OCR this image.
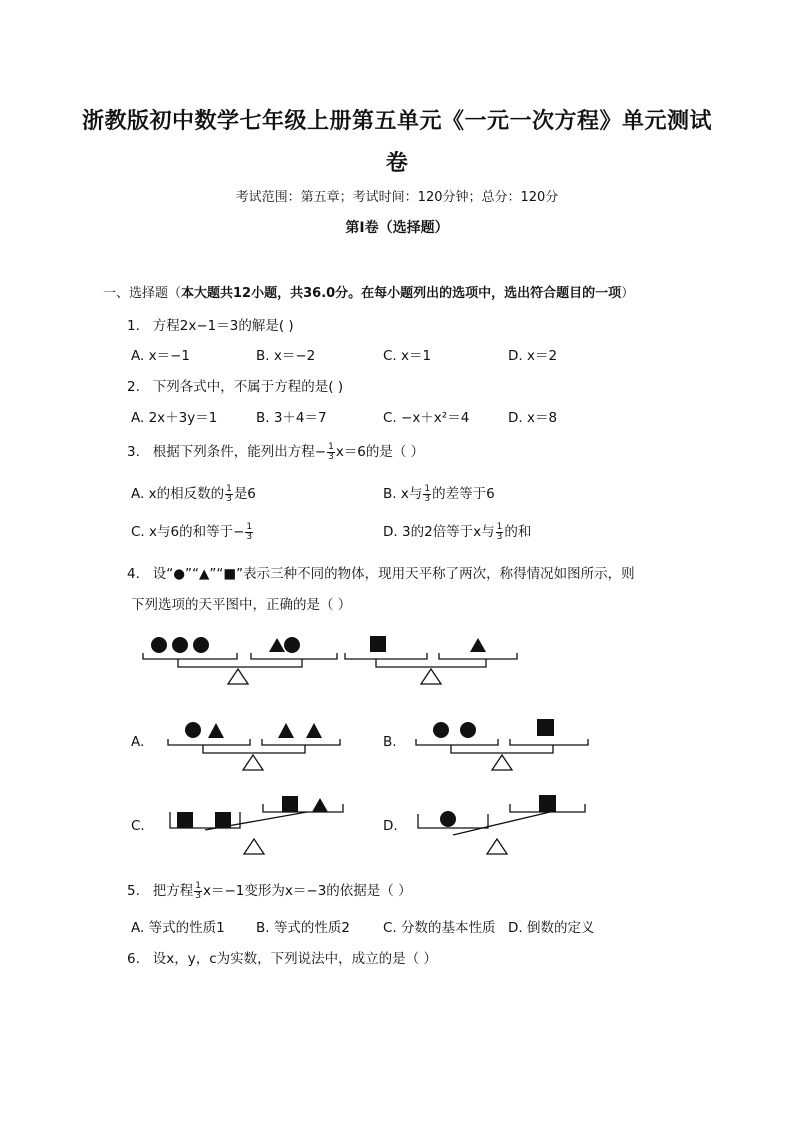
浙教版初中数学七年级上册第五单元《一元一次方程》单元测试
卷
考试范围：第五章；考试时间：120分钟；总分：120分
第I卷（选择题）
一、选择题（本大题共12小题，共36.0分。在每小题列出的选项中，选出符合题目的一项）
1. 方程2x−1＝3的解是( )
A. x＝−1	B. x＝−2	C. x＝1	D. x＝2
2. 下列各式中，不属于方程的是( )
A. 2x＋3y＝1	B. 3＋4＝7	C. −x＋x²＝4	D. x＝8
3. 根据下列条件，能列出方程− $\frac{1}{3} x=6$的是（ ）
A. x的相反数的 $\frac{1}{3}$ 是6	B. x与 $\frac{1}{3}$ 的差等于6
C. x与6的和等于− $\frac{1}{3}$	D. 3的2倍等于x与 $\frac{1}{3}$ 的和
4. 设“●”“▲”“■”表示三种不同的物体，现用天平称了两次，称得情况如图所示，则
下列选项的天平图中，正确的是（ ）
A.	B.
C.	D.
5. 把方程 $\frac{1}{3} x=-1$变形为x＝−3的依据是（ ）
A. 等式的性质1 B. 等式的性质2 C. 分数的基本性质 D. 倒数的定义
6. 设x，y，c为实数，下列说法中，成立的是（ ）
